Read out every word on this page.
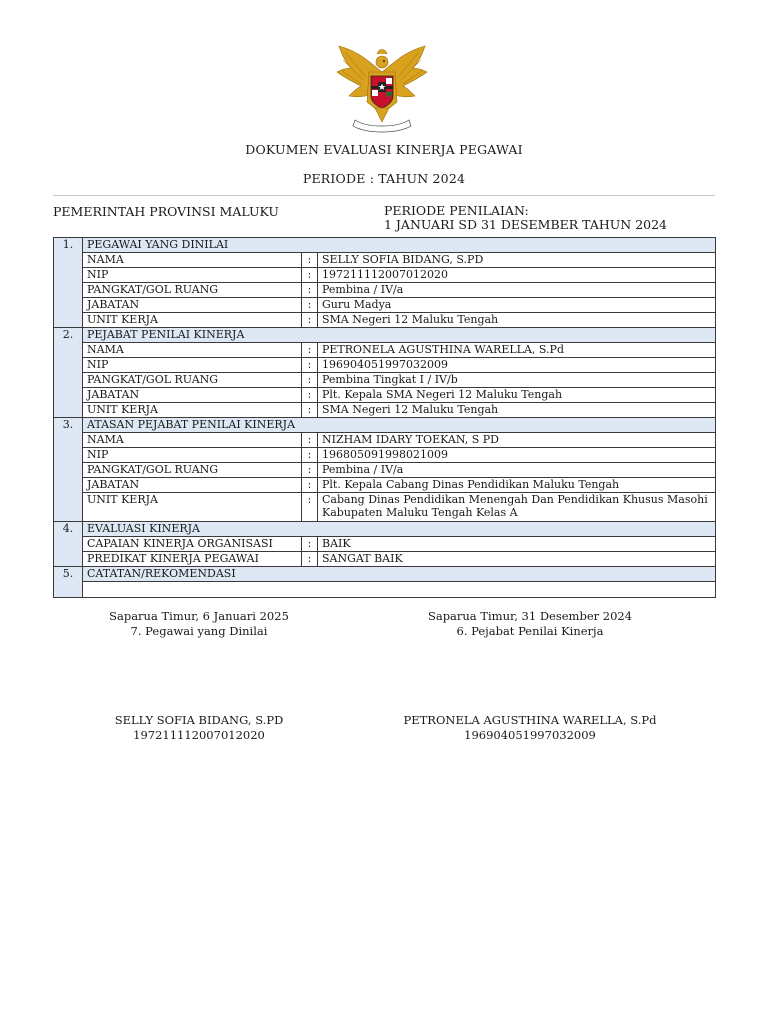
DOKUMEN EVALUASI KINERJA PEGAWAI
PERIODE : TAHUN 2024
PEMERINTAH PROVINSI MALUKU	PERIODE PENILAIAN:
1 JANUARI SD 31 DESEMBER TAHUN 2024
1.	PEGAWAI YANG DINILAI		
	NAMA	:	SELLY SOFIA BIDANG, S.PD
	NIP	:	197211112007012020
	PANGKAT/GOL RUANG	:	Pembina / IV/a
	JABATAN	:	Guru Madya
	UNIT KERJA	:	SMA Negeri 12 Maluku Tengah
2.	PEJABAT PENILAI KINERJA		
	NAMA	:	PETRONELA AGUSTHINA WARELLA, S.Pd
	NIP	:	196904051997032009
	PANGKAT/GOL RUANG	:	Pembina Tingkat I / IV/b
	JABATAN	:	Plt. Kepala SMA Negeri 12 Maluku Tengah
	UNIT KERJA	:	SMA Negeri 12 Maluku Tengah
3.	ATASAN PEJABAT PENILAI KINERJA		
	NAMA	:	NIZHAM IDARY TOEKAN, S PD
	NIP	:	196805091998021009
	PANGKAT/GOL RUANG	:	Pembina / IV/a
	JABATAN	:	Plt. Kepala Cabang Dinas Pendidikan Maluku Tengah
	UNIT KERJA	:	Cabang Dinas Pendidikan Menengah Dan Pendidikan Khusus Masohi Kabupaten Maluku Tengah Kelas A
4.	EVALUASI KINERJA		
	CAPAIAN KINERJA ORGANISASI	:	BAIK
	PREDIKAT KINERJA PEGAWAI	:	SANGAT BAIK
5.	CATATAN/REKOMENDASI		

Saparua Timur, 6 Januari 2025
7. Pegawai yang Dinilai
Saparua Timur, 31 Desember 2024
6. Pejabat Penilai Kinerja
SELLY SOFIA BIDANG, S.PD
197211112007012020
PETRONELA AGUSTHINA WARELLA, S.Pd
196904051997032009
